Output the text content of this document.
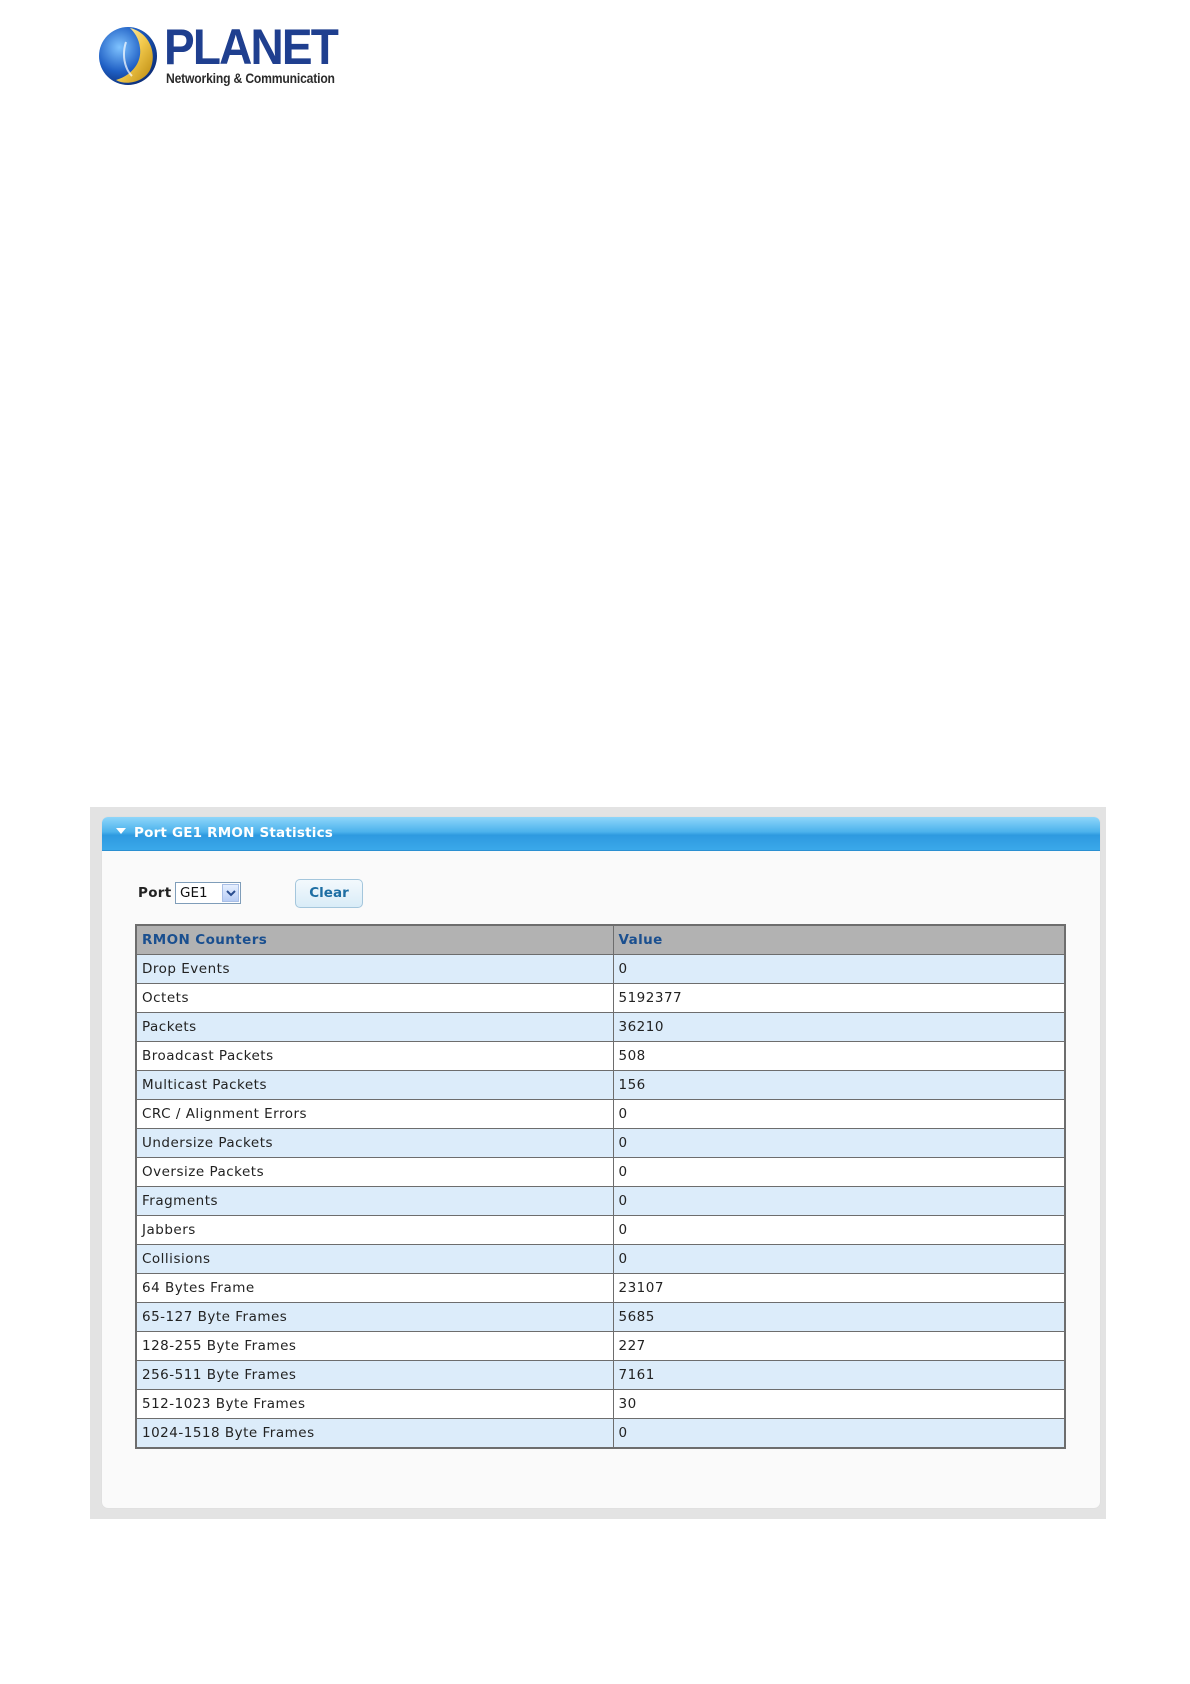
PLANET
Networking & Communication
Port GE1 RMON Statistics
Port GE1	Clear
RMON Counters	Value
Drop Events	0
Octets	5192377
Packets	36210
Broadcast Packets	508
Multicast Packets	156
CRC / Alignment Errors	0
Undersize Packets	0
Oversize Packets	0
Fragments	0
Jabbers	0
Collisions	0
64 Bytes Frame	23107
65-127 Byte Frames	5685
128-255 Byte Frames	227
256-511 Byte Frames	7161
512-1023 Byte Frames	30
1024-1518 Byte Frames	0
